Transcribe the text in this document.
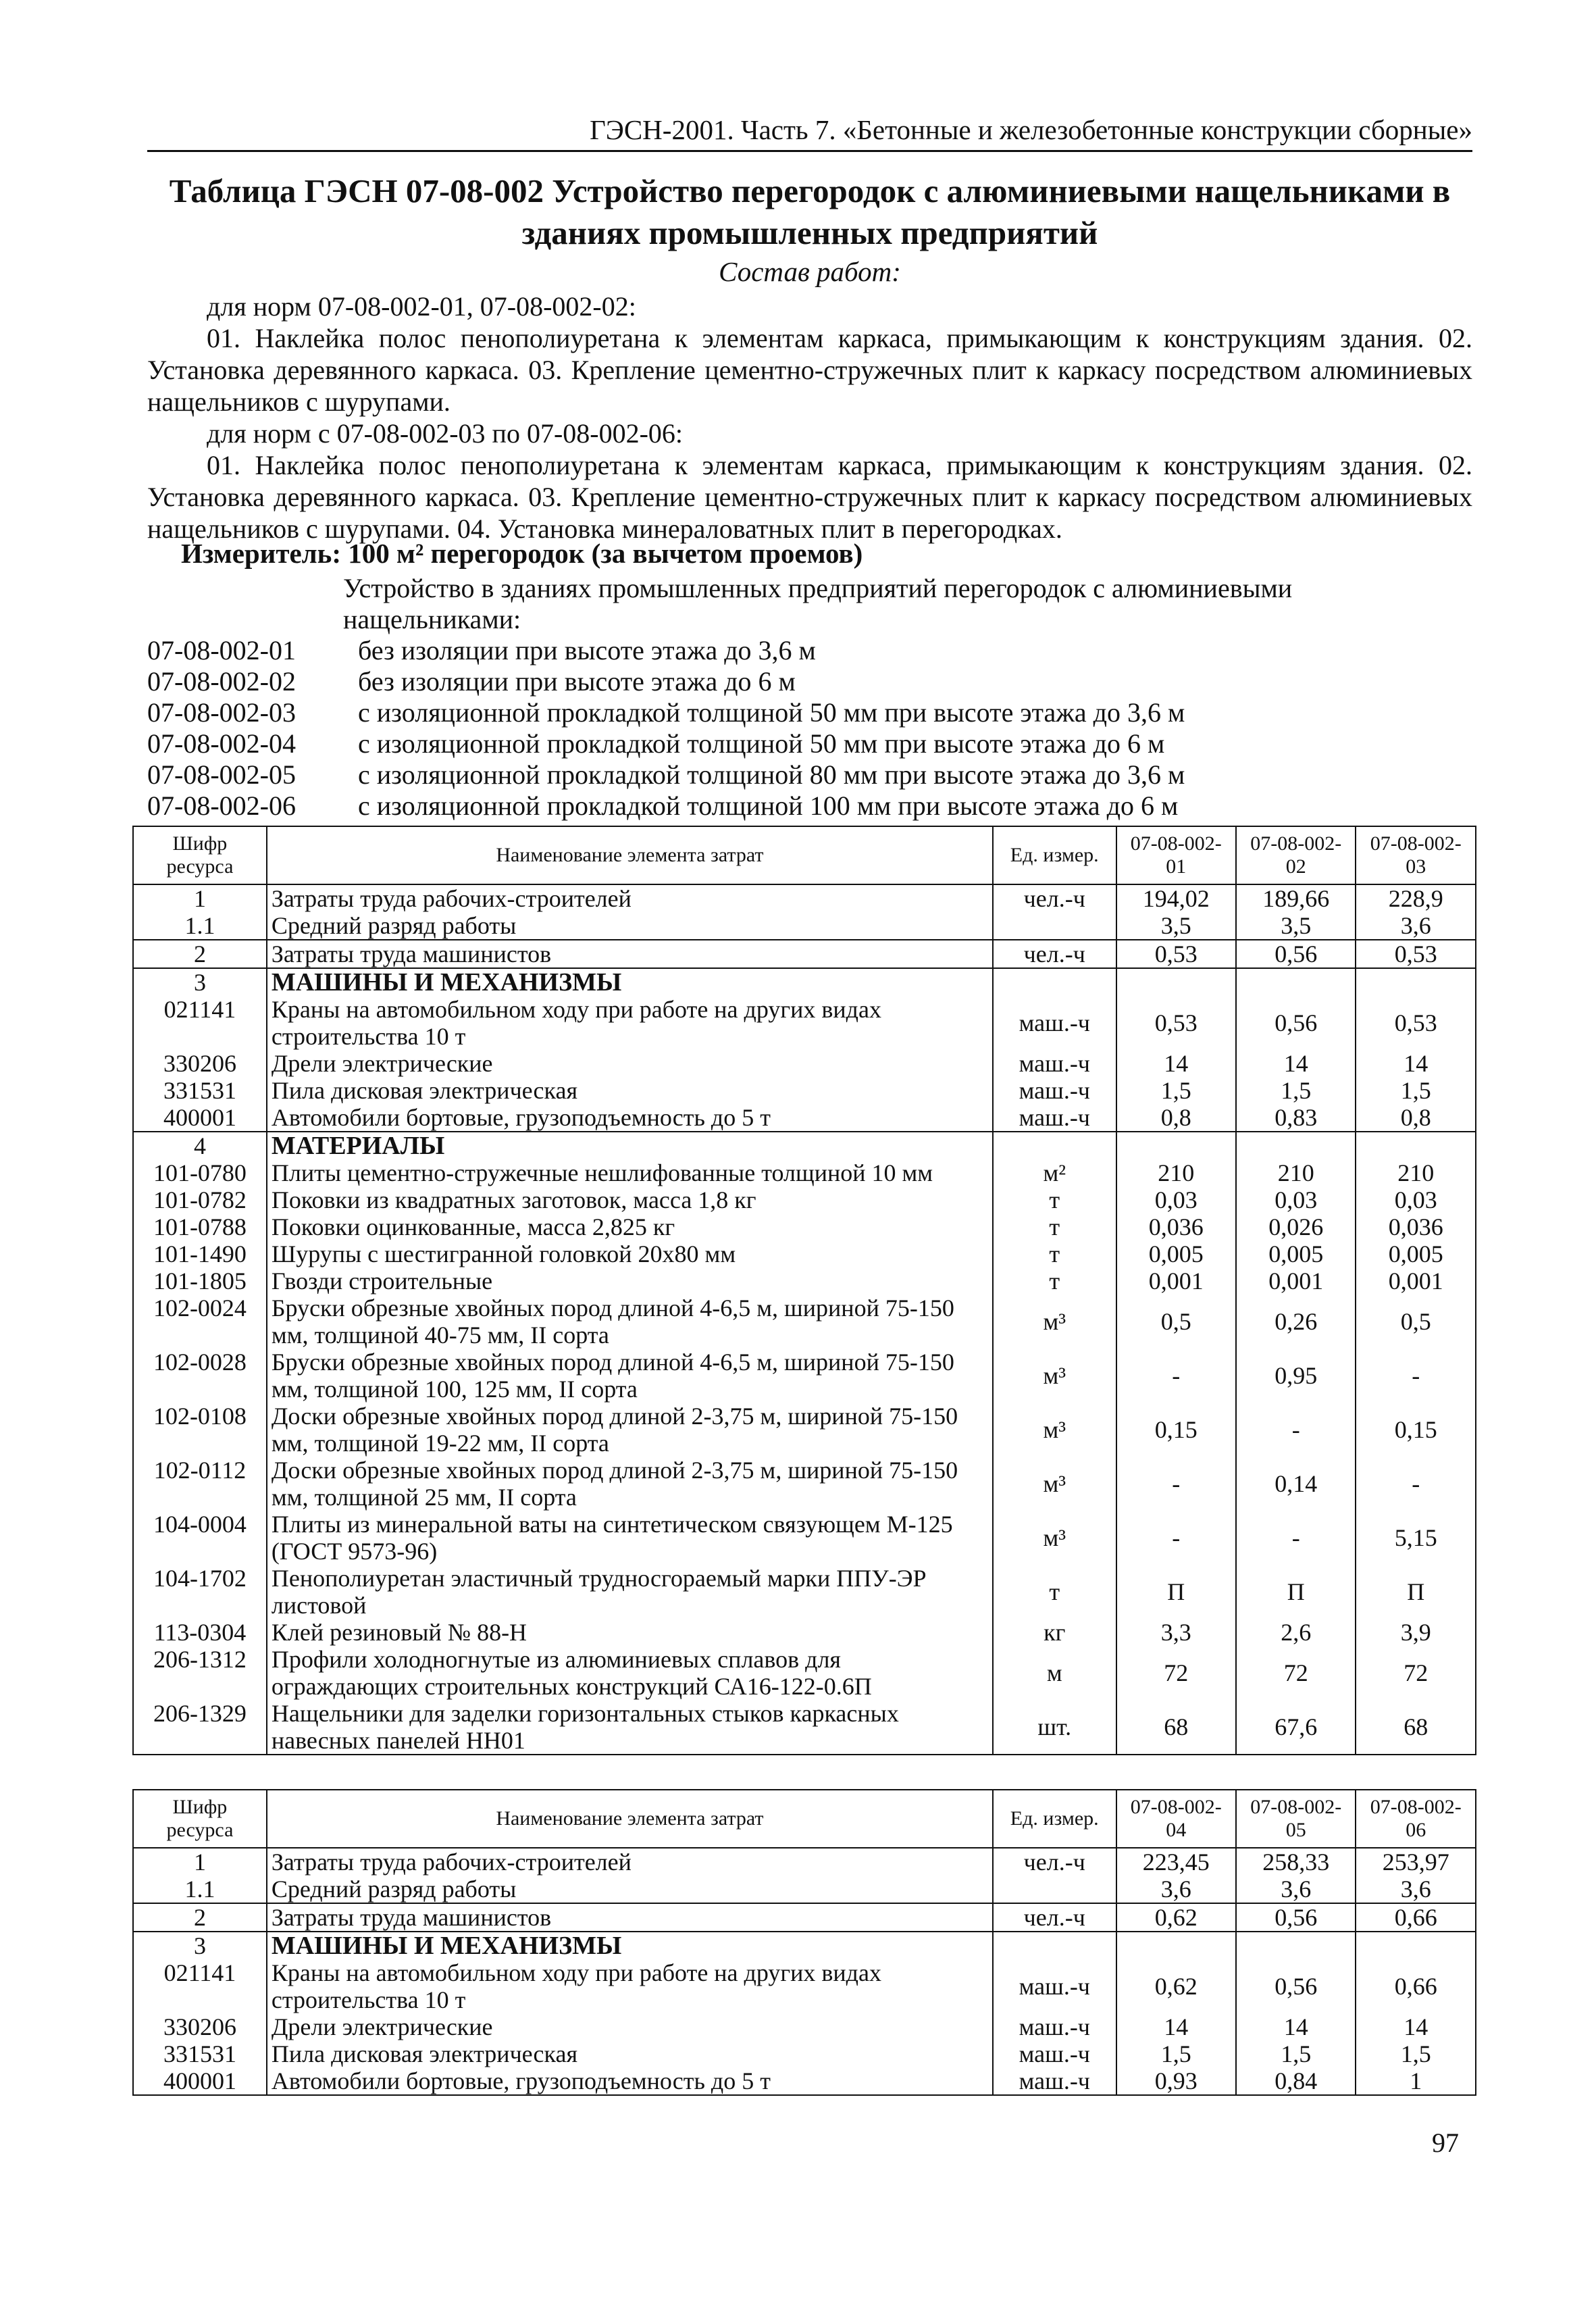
ГЭСН-2001. Часть 7. «Бетонные и железобетонные конструкции сборные»
Таблица ГЭСН 07-08-002 Устройство перегородок с алюминиевыми нащельниками в
зданиях промышленных предприятий
Состав работ:
для норм 07-08-002-01, 07-08-002-02:
01. Наклейка полос пенополиуретана к элементам каркаса, примыкающим к конструкциям здания. 02. Установка деревянного каркаса. 03. Крепление цементно-стружечных плит к каркасу посредством алюминиевых нащельников с шурупами.
для норм с 07-08-002-03 по 07-08-002-06:
01. Наклейка полос пенополиуретана к элементам каркаса, примыкающим к конструкциям здания. 02. Установка деревянного каркаса. 03. Крепление цементно-стружечных плит к каркасу посредством алюминиевых нащельников с шурупами. 04. Установка минераловатных плит в перегородках.
Измеритель: 100 м² перегородок (за вычетом проемов)
Устройство в зданиях промышленных предприятий перегородок с алюминиевыми нащельниками:
07-08-002-01	без изоляции при высоте этажа до 3,6 м
07-08-002-02	без изоляции при высоте этажа до 6 м
07-08-002-03	с изоляционной прокладкой толщиной 50 мм при высоте этажа до 3,6 м
07-08-002-04	с изоляционной прокладкой толщиной 50 мм при высоте этажа до 6 м
07-08-002-05	с изоляционной прокладкой толщиной 80 мм при высоте этажа до 3,6 м
07-08-002-06	с изоляционной прокладкой толщиной 100 мм при высоте этажа до 6 м
Шифр ресурса	Наименование элемента затрат	Ед. измер.	07-08-002-01	07-08-002-02	07-08-002-03
1	Затраты труда рабочих-строителей	чел.-ч	194,02	189,66	228,9
1.1	Средний разряд работы		3,5	3,5	3,6
2	Затраты труда машинистов	чел.-ч	0,53	0,56	0,53
3	МАШИНЫ И МЕХАНИЗМЫ				
021141	Краны на автомобильном ходу при работе на других видах строительства 10 т	маш.-ч	0,53	0,56	0,53
330206	Дрели электрические	маш.-ч	14	14	14
331531	Пила дисковая электрическая	маш.-ч	1,5	1,5	1,5
400001	Автомобили бортовые, грузоподъемность до 5 т	маш.-ч	0,8	0,83	0,8
4	МАТЕРИАЛЫ				
101-0780	Плиты цементно-стружечные нешлифованные толщиной 10 мм	м²	210	210	210
101-0782	Поковки из квадратных заготовок, масса 1,8 кг	т	0,03	0,03	0,03
101-0788	Поковки оцинкованные, масса 2,825 кг	т	0,036	0,026	0,036
101-1490	Шурупы с шестигранной головкой 20х80 мм	т	0,005	0,005	0,005
101-1805	Гвозди строительные	т	0,001	0,001	0,001
102-0024	Бруски обрезные хвойных пород длиной 4-6,5 м, шириной 75-150 мм, толщиной 40-75 мм, II сорта	м³	0,5	0,26	0,5
102-0028	Бруски обрезные хвойных пород длиной 4-6,5 м, шириной 75-150 мм, толщиной 100, 125 мм, II сорта	м³	-	0,95	-
102-0108	Доски обрезные хвойных пород длиной 2-3,75 м, шириной 75-150 мм, толщиной 19-22 мм, II сорта	м³	0,15	-	0,15
102-0112	Доски обрезные хвойных пород длиной 2-3,75 м, шириной 75-150 мм, толщиной 25 мм, II сорта	м³	-	0,14	-
104-0004	Плиты из минеральной ваты на синтетическом связующем М-125 (ГОСТ 9573-96)	м³	-	-	5,15
104-1702	Пенополиуретан эластичный трудносгораемый марки ППУ-ЭР листовой	т	П	П	П
113-0304	Клей резиновый № 88-Н	кг	3,3	2,6	3,9
206-1312	Профили холодногнутые из алюминиевых сплавов для ограждающих строительных конструкций СА16-122-0.6П	м	72	72	72
206-1329	Нащельники для заделки горизонтальных стыков каркасных навесных панелей НН01	шт.	68	67,6	68
Шифр ресурса	Наименование элемента затрат	Ед. измер.	07-08-002-04	07-08-002-05	07-08-002-06
1	Затраты труда рабочих-строителей	чел.-ч	223,45	258,33	253,97
1.1	Средний разряд работы		3,6	3,6	3,6
2	Затраты труда машинистов	чел.-ч	0,62	0,56	0,66
3	МАШИНЫ И МЕХАНИЗМЫ				
021141	Краны на автомобильном ходу при работе на других видах строительства 10 т	маш.-ч	0,62	0,56	0,66
330206	Дрели электрические	маш.-ч	14	14	14
331531	Пила дисковая электрическая	маш.-ч	1,5	1,5	1,5
400001	Автомобили бортовые, грузоподъемность до 5 т	маш.-ч	0,93	0,84	1
97
